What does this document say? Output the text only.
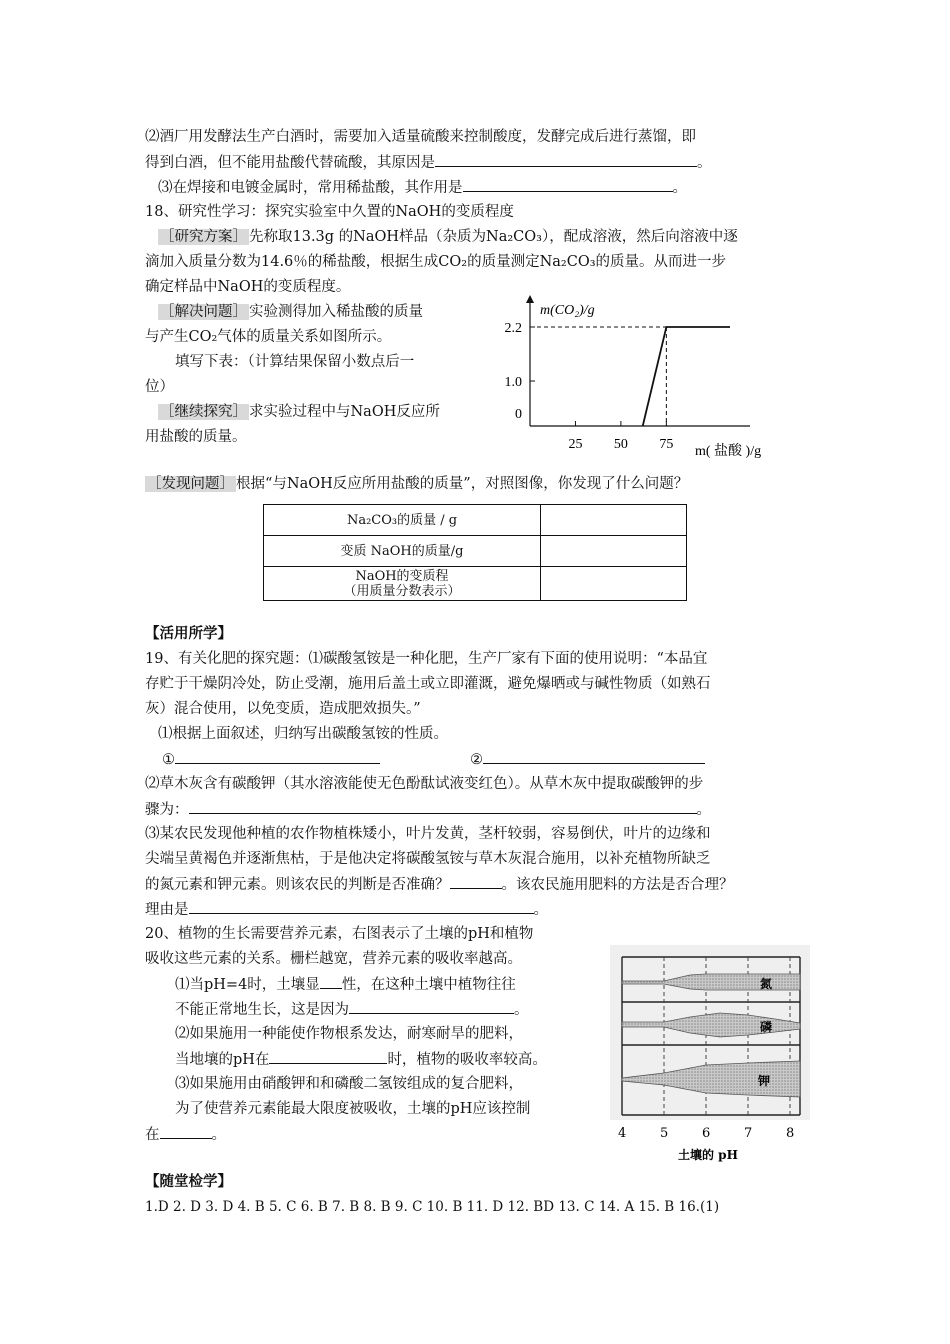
⑵酒厂用发酵法生产白酒时，需要加入适量硫酸来控制酸度，发酵完成后进行蒸馏，即
得到白酒，但不能用盐酸代替硫酸，其原因是	。
⑶在焊接和电镀金属时，常用稀盐酸，其作用是	。
18、研究性学习：探究实验室中久置的NaOH的变质程度
［研究方案］ 先称取13.3g 的NaOH样品（杂质为Na₂CO₃），配成溶液，然后向溶液中逐
滴加入质量分数为14.6％的稀盐酸，根据生成CO₂的质量测定Na₂CO₃的质量。从而进一步
确定样品中NaOH的变质程度。
［解决问题］ 实验测得加入稀盐酸的质量
与产生CO₂气体的质量关系如图所示。
填写下表：（计算结果保留小数点后一
位）
［继续探究］ 求实验过程中与NaOH反应所
用盐酸的质量。
m(CO₂)/g
25 50 75
0
1.0
2.2
m( 盐酸 )/g
Na₂CO₃的质量 / g	
变质 NaOH的质量/g	

NaOH的变质程
（用质量分数表示）	

［发现问题］ 根据“与NaOH反应所用盐酸的质量”，对照图像，你发现了什么问题？
【活用所学】
19、有关化肥的探究题：⑴碳酸氢铵是一种化肥，生产厂家有下面的使用说明：“本品宜
存贮于干燥阴冷处，防止受潮，施用后盖土或立即灌溉，避免爆晒或与碱性物质（如熟石
灰）混合使用，以免变质，造成肥效损失。”
⑴根据上面叙述，归纳写出碳酸氢铵的性质。
①	②
⑵草木灰含有碳酸钾（其水溶液能使无色酚酞试液变红色）。从草木灰中提取碳酸钾的步
骤为：	。
⑶某农民发现他种植的农作物植株矮小，叶片发黄，茎杆较弱，容易倒伏，叶片的边缘和
尖端呈黄褐色并逐渐焦枯，于是他决定将碳酸氢铵与草木灰混合施用，以补充植物所缺乏
的氮元素和钾元素。则该农民的判断是否准确？	。该农民施用肥料的方法是否合理？
理由是	。
20、植物的生长需要营养元素，右图表示了土壤的pH和植物
吸收这些元素的关系。栅栏越宽，营养元素的吸收率越高。
⑴当pH=4时，土壤显 性，在这种土壤中植物往往
不能正常地生长，这是因为	。
⑵如果施用一种能使作物根系发达，耐寒耐旱的肥料，
当地壤的pH在	时，植物的吸收率较高。
⑶如果施用由硝酸钾和和磷酸二氢铵组成的复合肥料，
为了使营养元素能最大限度被吸收，土壤的pH应该控制
在	。
氮
磷
钾
4	5	6	7	8
土壤的 pH
【随堂检学】
1.D 2. D 3. D 4. B 5. C 6. B 7. B 8. B 9. C 10. B 11. D 12. BD 13. C 14. A 15. B 16.(1)
